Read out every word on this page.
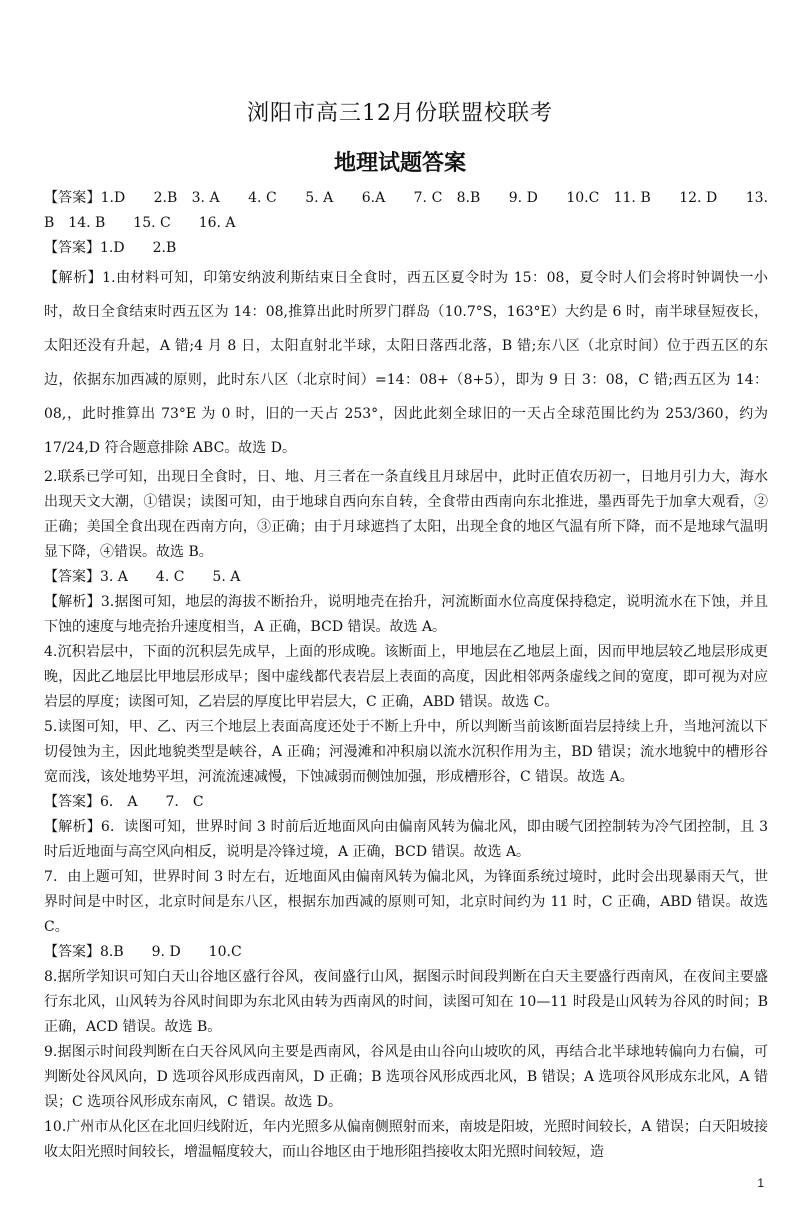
浏阳市高三12月份联盟校联考
地理试题答案

【答案】1.D　　2.B　3. A　　4. C　　5. A　　6.A　　7. C　8.B　　9. D　　10.C　11. B　　12. D　　13. B　14. B　　15. C　　16. A

【答案】1.D　　2.B

【解析】1.由材料可知，印第安纳波利斯结束日全食时，西五区夏令时为 15：08，夏令时人们会将时钟调快一小时，故日全食结束时西五区为 14：08,推算出此时所罗门群岛（10.7°S，163°E）大约是 6 时，南半球昼短夜长，太阳还没有升起，A 错;4 月 8 日，太阳直射北半球，太阳日落西北落，B 错;东八区（北京时间）位于西五区的东边，依据东加西减的原则，此时东八区（北京时间）=14：08+（8+5），即为 9 日 3：08，C 错;西五区为 14：08,，此时推算出 73°E 为 0 时，旧的一天占 253°，因此此刻全球旧的一天占全球范围比约为 253/360，约为 17/24,D 符合题意排除 ABC。故选 D。

2.联系已学可知，出现日全食时，日、地、月三者在一条直线且月球居中，此时正值农历初一，日地月引力大，海水出现天文大潮，①错误；读图可知，由于地球自西向东自转，全食带由西南向东北推进，墨西哥先于加拿大观看，②正确；美国全食出现在西南方向，③正确；由于月球遮挡了太阳，出现全食的地区气温有所下降，而不是地球气温明显下降，④错误。故选 B。

【答案】3. A　　4. C　　5. A

【解析】3.据图可知，地层的海拔不断抬升，说明地壳在抬升，河流断面水位高度保持稳定，说明流水在下蚀，并且下蚀的速度与地壳抬升速度相当，A 正确，BCD 错误。故选 A。

4.沉积岩层中，下面的沉积层先成早，上面的形成晚。该断面上，甲地层在乙地层上面，因而甲地层较乙地层形成更晚，因此乙地层比甲地层形成早；图中虚线都代表岩层上表面的高度，因此相邻两条虚线之间的宽度，即可视为对应岩层的厚度；读图可知，乙岩层的厚度比甲岩层大，C 正确，ABD 错误。故选 C。

5.读图可知，甲、乙、丙三个地层上表面高度还处于不断上升中，所以判断当前该断面岩层持续上升，当地河流以下切侵蚀为主，因此地貌类型是峡谷，A 正确；河漫滩和冲积扇以流水沉积作用为主，BD 错误；流水地貌中的槽形谷宽而浅，该处地势平坦，河流流速减慢，下蚀减弱而侧蚀加强，形成槽形谷，C 错误。故选 A。

【答案】6． A　　7． C

【解析】6．读图可知，世界时间 3 时前后近地面风向由偏南风转为偏北风，即由暖气团控制转为冷气团控制，且 3 时后近地面与高空风向相反，说明是冷锋过境，A 正确，BCD 错误。故选 A。

7．由上题可知，世界时间 3 时左右，近地面风由偏南风转为偏北风，为锋面系统过境时，此时会出现暴雨天气，世界时间是中时区，北京时间是东八区，根据东加西减的原则可知，北京时间约为 11 时，C 正确，ABD 错误。故选 C。

【答案】8.B　　9. D　　10.C

8.据所学知识可知白天山谷地区盛行谷风，夜间盛行山风，据图示时间段判断在白天主要盛行西南风，在夜间主要盛行东北风，山风转为谷风时间即为东北风由转为西南风的时间，读图可知在 10—11 时段是山风转为谷风的时间；B 正确，ACD 错误。故选 B。

9.据图示时间段判断在白天谷风风向主要是西南风，谷风是由山谷向山坡吹的风，再结合北半球地转偏向力右偏，可判断处谷风风向，D 选项谷风形成西南风，D 正确；B 选项谷风形成西北风，B 错误；A 选项谷风形成东北风，A 错误；C 选项谷风形成东南风，C 错误。故选 D。

10.广州市从化区在北回归线附近，年内光照多从偏南侧照射而来，南坡是阳坡，光照时间较长，A 错误；白天阳坡接收太阳光照时间较长，增温幅度较大，而山谷地区由于地形阻挡接收太阳光照时间较短，造

1
